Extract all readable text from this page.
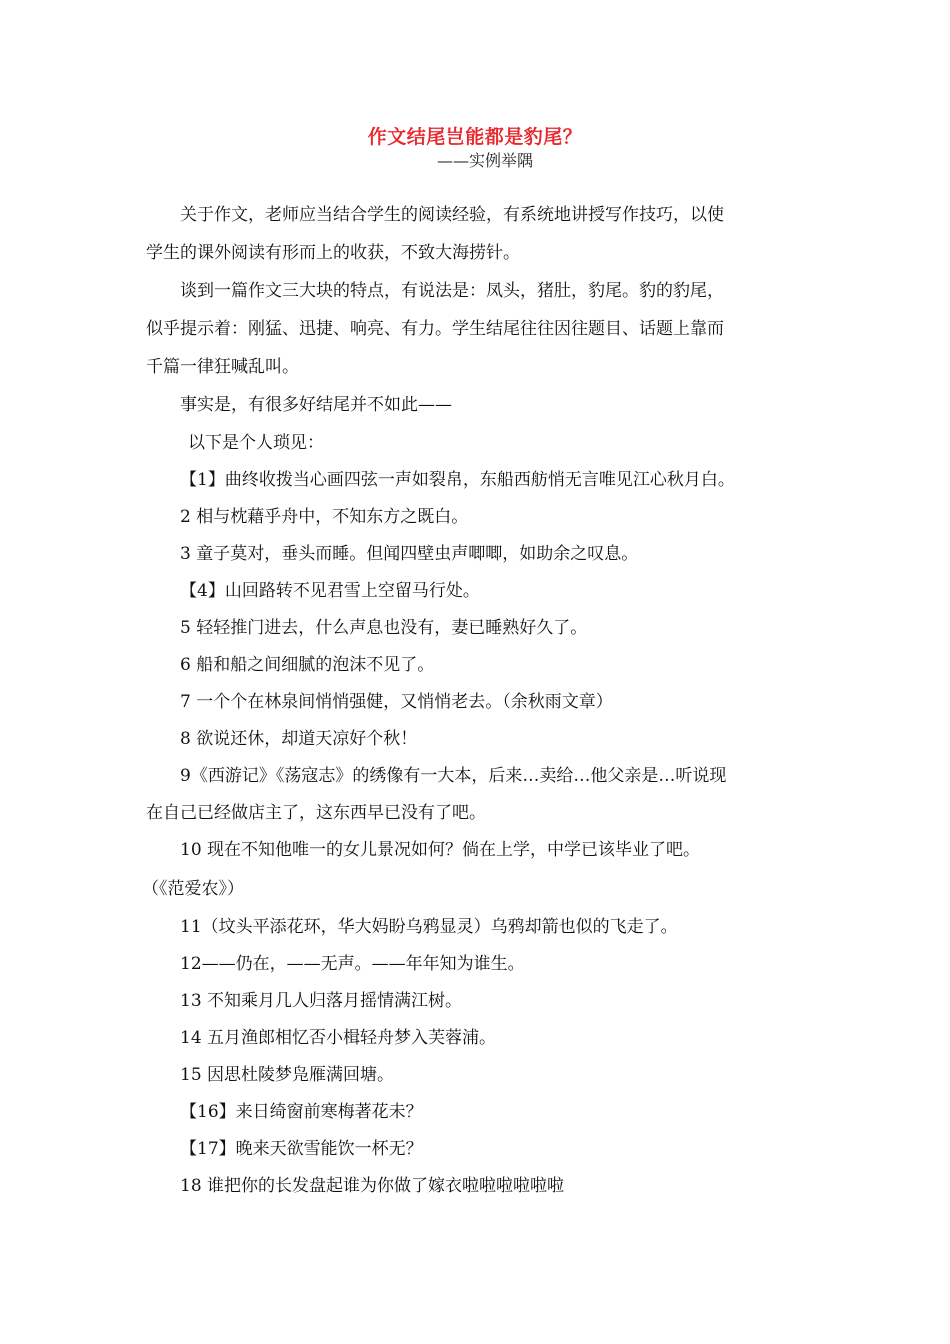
作文结尾岂能都是豹尾？
——实例举隅

关于作文，老师应当结合学生的阅读经验，有系统地讲授写作技巧，以使

学生的课外阅读有形而上的收获，不致大海捞针。

谈到一篇作文三大块的特点，有说法是：凤头，猪肚，豹尾。豹的豹尾，

似乎提示着：刚猛、迅捷、响亮、有力。学生结尾往往因往题目、话题上靠而

千篇一律狂喊乱叫。

事实是，有很多好结尾并不如此——

以下是个人琐见：

【1】曲终收拨当心画四弦一声如裂帛，东船西舫悄无言唯见江心秋月白。

2 相与枕藉乎舟中，不知东方之既白。

3 童子莫对，垂头而睡。但闻四壁虫声唧唧，如助余之叹息。

【4】山回路转不见君雪上空留马行处。

5 轻轻推门进去，什么声息也没有，妻已睡熟好久了。

6 船和船之间细腻的泡沫不见了。

7 一个个在林泉间悄悄强健，又悄悄老去。（余秋雨文章）

8 欲说还休，却道天凉好个秋！

9《西游记》《荡寇志》的绣像有一大本，后来…卖给…他父亲是…听说现

在自己已经做店主了，这东西早已没有了吧。

10 现在不知他唯一的女儿景况如何？倘在上学，中学已该毕业了吧。

（《范爱农》）

11（坟头平添花环，华大妈盼乌鸦显灵）乌鸦却箭也似的飞走了。

12——仍在，——无声。——年年知为谁生。

13 不知乘月几人归落月摇情满江树。

14 五月渔郎相忆否小楫轻舟梦入芙蓉浦。

15 因思杜陵梦凫雁满回塘。

【16】来日绮窗前寒梅著花未？

【17】晚来天欲雪能饮一杯无？

18 谁把你的长发盘起谁为你做了嫁衣啦啦啦啦啦啦
